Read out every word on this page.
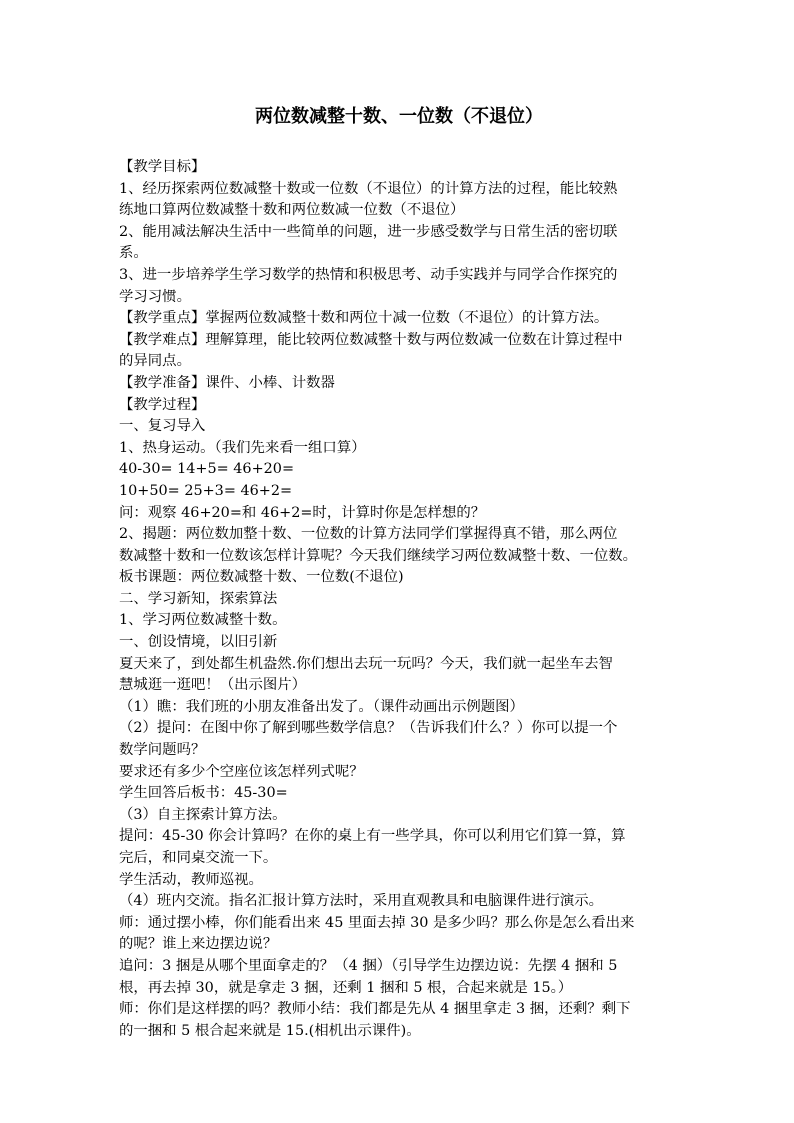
两位数减整十数、一位数（不退位）

【教学目标】

1、经历探索两位数减整十数或一位数（不退位）的计算方法的过程，能比较熟

练地口算两位数减整十数和两位数减一位数（不退位）

2、能用减法解决生活中一些简单的问题，进一步感受数学与日常生活的密切联

系。

3、进一步培养学生学习数学的热情和积极思考、动手实践并与同学合作探究的

学习习惯。

【教学重点】掌握两位数减整十数和两位十减一位数（不退位）的计算方法。

【教学难点】理解算理，能比较两位数减整十数与两位数减一位数在计算过程中

的异同点。

【教学准备】课件、小棒、计数器

【教学过程】

一、复习导入

1、热身运动。（我们先来看一组口算）

40-30= 14+5= 46+20=

10+50= 25+3= 46+2=

问：观察 46+20=和 46+2=时，计算时你是怎样想的？

2、揭题：两位数加整十数、一位数的计算方法同学们掌握得真不错，那么两位

数减整十数和一位数该怎样计算呢？今天我们继续学习两位数减整十数、一位数。

板书课题：两位数减整十数、一位数(不退位)

二、学习新知，探索算法

1、学习两位数减整十数。

一、创设情境，以旧引新

夏天来了，到处都生机盎然.你们想出去玩一玩吗？今天，我们就一起坐车去智

慧城逛一逛吧！（出示图片）

（1）瞧：我们班的小朋友准备出发了。（课件动画出示例题图）

（2）提问：在图中你了解到哪些数学信息？（告诉我们什么？）你可以提一个

数学问题吗？

要求还有多少个空座位该怎样列式呢？

学生回答后板书：45-30=

（3）自主探索计算方法。

提问：45-30 你会计算吗？在你的桌上有一些学具，你可以利用它们算一算，算

完后，和同桌交流一下。

学生活动，教师巡视。

（4）班内交流。指名汇报计算方法时，采用直观教具和电脑课件进行演示。

师：通过摆小棒，你们能看出来 45 里面去掉 30 是多少吗？那么你是怎么看出来

的呢？谁上来边摆边说？

追问：3 捆是从哪个里面拿走的？（4 捆）（引导学生边摆边说：先摆 4 捆和 5

根，再去掉 30，就是拿走 3 捆，还剩 1 捆和 5 根，合起来就是 15。）

师：你们是这样摆的吗？教师小结：我们都是先从 4 捆里拿走 3 捆，还剩？剩下

的一捆和 5 根合起来就是 15.(相机出示课件)。
